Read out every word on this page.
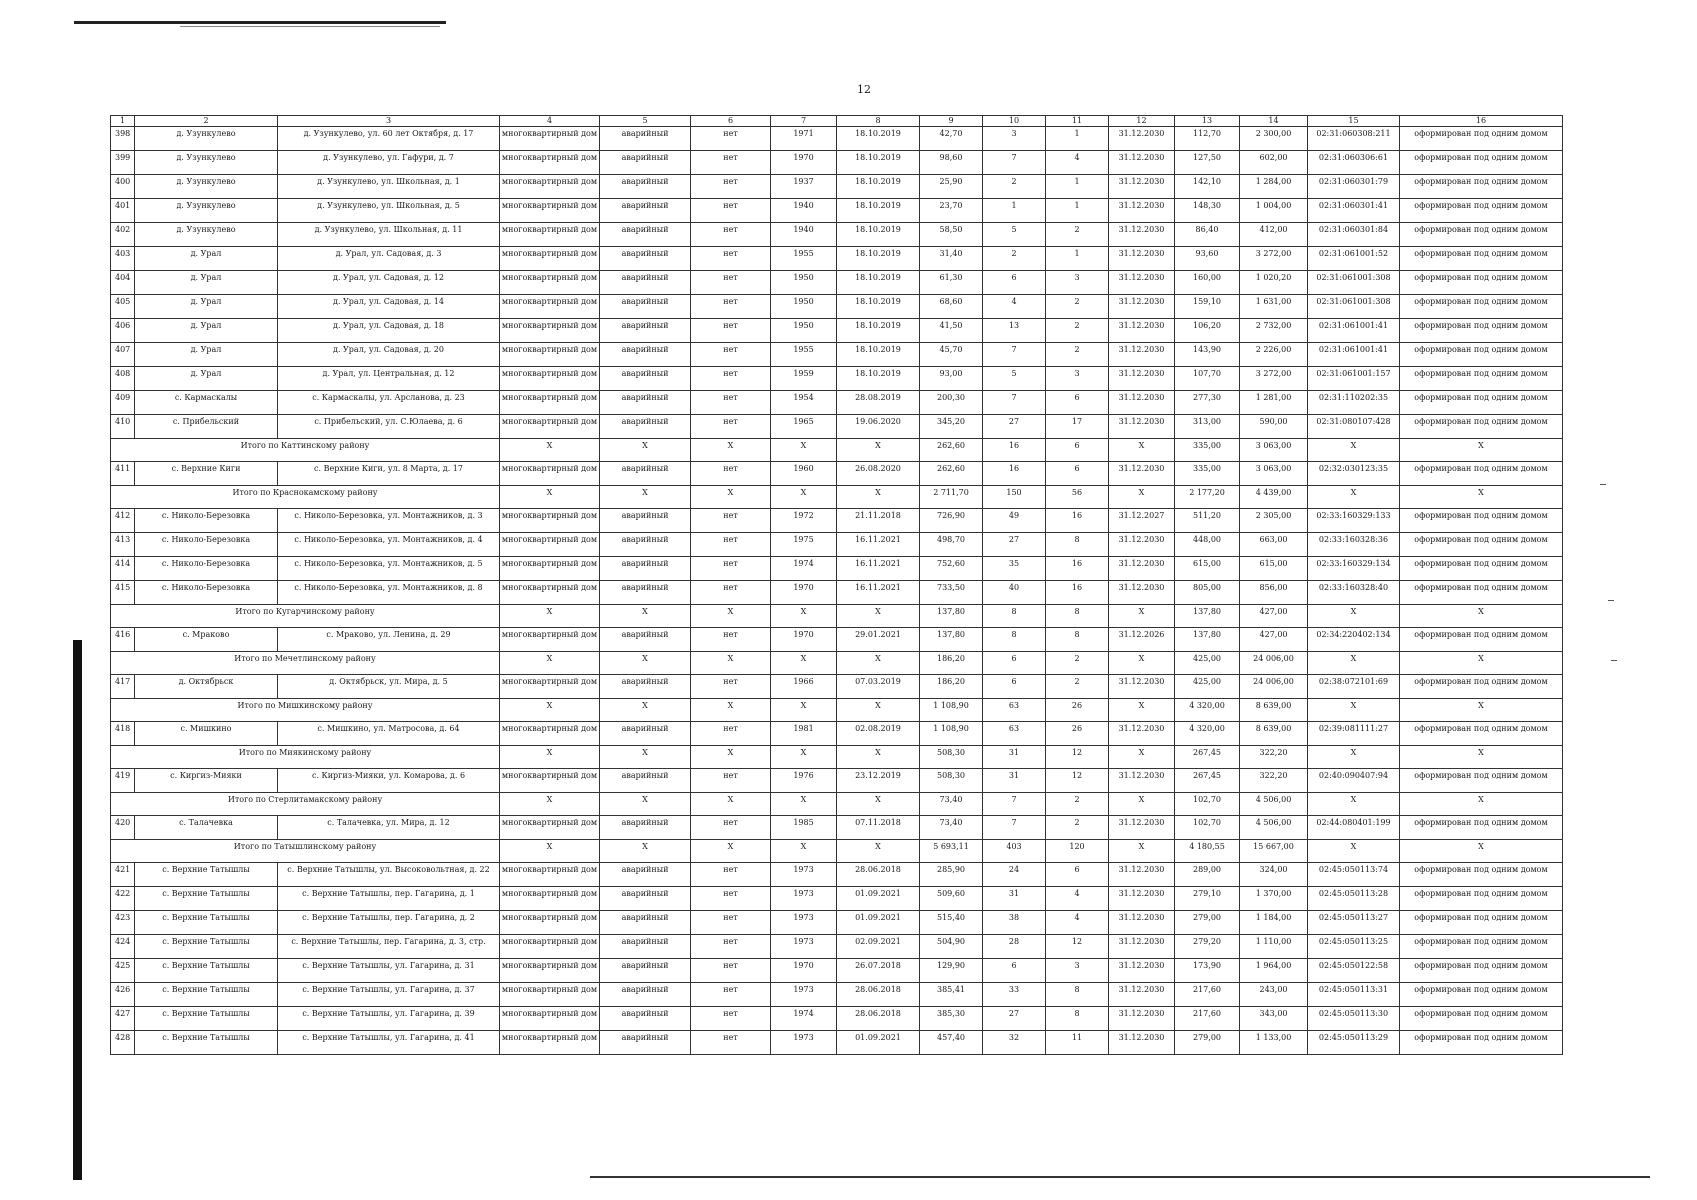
12
1	2	3	4	5	6	7	8	9	10	11	12	13	14	15	16
398	д. Узункулево	д. Узункулево, ул. 60 лет Октября, д. 17	многоквартирный дом	аварийный	нет	1971	18.10.2019	42,70	3	1	31.12.2030	112,70	2 300,00	02:31:060308:211	оформирован под одним домом
399	д. Узункулево	д. Узункулево, ул. Гафури, д. 7	многоквартирный дом	аварийный	нет	1970	18.10.2019	98,60	7	4	31.12.2030	127,50	602,00	02:31:060306:61	оформирован под одним домом
400	д. Узункулево	д. Узункулево, ул. Школьная, д. 1	многоквартирный дом	аварийный	нет	1937	18.10.2019	25,90	2	1	31.12.2030	142,10	1 284,00	02:31:060301:79	оформирован под одним домом
401	д. Узункулево	д. Узункулево, ул. Школьная, д. 5	многоквартирный дом	аварийный	нет	1940	18.10.2019	23,70	1	1	31.12.2030	148,30	1 004,00	02:31:060301:41	оформирован под одним домом
402	д. Узункулево	д. Узункулево, ул. Школьная, д. 11	многоквартирный дом	аварийный	нет	1940	18.10.2019	58,50	5	2	31.12.2030	86,40	412,00	02:31:060301:84	оформирован под одним домом
403	д. Урал	д. Урал, ул. Садовая, д. 3	многоквартирный дом	аварийный	нет	1955	18.10.2019	31,40	2	1	31.12.2030	93,60	3 272,00	02:31:061001:52	оформирован под одним домом
404	д. Урал	д. Урал, ул. Садовая, д. 12	многоквартирный дом	аварийный	нет	1950	18.10.2019	61,30	6	3	31.12.2030	160,00	1 020,20	02:31:061001:308	оформирован под одним домом
405	д. Урал	д. Урал, ул. Садовая, д. 14	многоквартирный дом	аварийный	нет	1950	18.10.2019	68,60	4	2	31.12.2030	159,10	1 631,00	02:31:061001:308	оформирован под одним домом
406	д. Урал	д. Урал, ул. Садовая, д. 18	многоквартирный дом	аварийный	нет	1950	18.10.2019	41,50	13	2	31.12.2030	106,20	2 732,00	02:31:061001:41	оформирован под одним домом
407	д. Урал	д. Урал, ул. Садовая, д. 20	многоквартирный дом	аварийный	нет	1955	18.10.2019	45,70	7	2	31.12.2030	143,90	2 226,00	02:31:061001:41	оформирован под одним домом
408	д. Урал	д. Урал, ул. Центральная, д. 12	многоквартирный дом	аварийный	нет	1959	18.10.2019	93,00	5	3	31.12.2030	107,70	3 272,00	02:31:061001:157	оформирован под одним домом
409	с. Кармаскалы	с. Кармаскалы, ул. Арсланова, д. 23	многоквартирный дом	аварийный	нет	1954	28.08.2019	200,30	7	6	31.12.2030	277,30	1 281,00	02:31:110202:35	оформирован под одним домом
410	с. Прибельский	с. Прибельский, ул. С.Юлаева, д. 6	многоквартирный дом	аварийный	нет	1965	19.06.2020	345,20	27	17	31.12.2030	313,00	590,00	02:31:080107:428	оформирован под одним домом
Итого по Каттинскому району			Х	Х	Х	Х	Х	262,60	16	6	Х	335,00	3 063,00	Х	Х
411	с. Верхние Киги	с. Верхние Киги, ул. 8 Марта, д. 17	многоквартирный дом	аварийный	нет	1960	26.08.2020	262,60	16	6	31.12.2030	335,00	3 063,00	02:32:030123:35	оформирован под одним домом
Итого по Краснокамскому району			Х	Х	Х	Х	Х	2 711,70	150	56	Х	2 177,20	4 439,00	Х	Х
412	с. Николо-Березовка	с. Николо-Березовка, ул. Монтажников, д. 3	многоквартирный дом	аварийный	нет	1972	21.11.2018	726,90	49	16	31.12.2027	511,20	2 305,00	02:33:160329:133	оформирован под одним домом
413	с. Николо-Березовка	с. Николо-Березовка, ул. Монтажников, д. 4	многоквартирный дом	аварийный	нет	1975	16.11.2021	498,70	27	8	31.12.2030	448,00	663,00	02:33:160328:36	оформирован под одним домом
414	с. Николо-Березовка	с. Николо-Березовка, ул. Монтажников, д. 5	многоквартирный дом	аварийный	нет	1974	16.11.2021	752,60	35	16	31.12.2030	615,00	615,00	02:33:160329:134	оформирован под одним домом
415	с. Николо-Березовка	с. Николо-Березовка, ул. Монтажников, д. 8	многоквартирный дом	аварийный	нет	1970	16.11.2021	733,50	40	16	31.12.2030	805,00	856,00	02:33:160328:40	оформирован под одним домом
Итого по Кугарчинскому району			Х	Х	Х	Х	Х	137,80	8	8	Х	137,80	427,00	Х	Х
416	с. Мраково	с. Мраково, ул. Ленина, д. 29	многоквартирный дом	аварийный	нет	1970	29.01.2021	137,80	8	8	31.12.2026	137,80	427,00	02:34:220402:134	оформирован под одним домом
Итого по Мечетлинскому району			Х	Х	Х	Х	Х	186,20	6	2	Х	425,00	24 006,00	Х	Х
417	д. Октябрьск	д. Октябрьск, ул. Мира, д. 5	многоквартирный дом	аварийный	нет	1966	07.03.2019	186,20	6	2	31.12.2030	425,00	24 006,00	02:38:072101:69	оформирован под одним домом
Итого по Мишкинскому району			Х	Х	Х	Х	Х	1 108,90	63	26	Х	4 320,00	8 639,00	Х	Х
418	с. Мишкино	с. Мишкино, ул. Матросова, д. 64	многоквартирный дом	аварийный	нет	1981	02.08.2019	1 108,90	63	26	31.12.2030	4 320,00	8 639,00	02:39:081111:27	оформирован под одним домом
Итого по Миякинскому району			Х	Х	Х	Х	Х	508,30	31	12	Х	267,45	322,20	Х	Х
419	с. Киргиз-Мияки	с. Киргиз-Мияки, ул. Комарова, д. 6	многоквартирный дом	аварийный	нет	1976	23.12.2019	508,30	31	12	31.12.2030	267,45	322,20	02:40:090407:94	оформирован под одним домом
Итого по Стерлитамакскому району			Х	Х	Х	Х	Х	73,40	7	2	Х	102,70	4 506,00	Х	Х
420	с. Талачевка	с. Талачевка, ул. Мира, д. 12	многоквартирный дом	аварийный	нет	1985	07.11.2018	73,40	7	2	31.12.2030	102,70	4 506,00	02:44:080401:199	оформирован под одним домом
Итого по Татышлинскому району			Х	Х	Х	Х	Х	5 693,11	403	120	Х	4 180,55	15 667,00	Х	Х
421	с. Верхние Татышлы	с. Верхние Татышлы, ул. Высоковольтная, д. 22	многоквартирный дом	аварийный	нет	1973	28.06.2018	285,90	24	6	31.12.2030	289,00	324,00	02:45:050113:74	оформирован под одним домом
422	с. Верхние Татышлы	с. Верхние Татышлы, пер. Гагарина, д. 1	многоквартирный дом	аварийный	нет	1973	01.09.2021	509,60	31	4	31.12.2030	279,10	1 370,00	02:45:050113:28	оформирован под одним домом
423	с. Верхние Татышлы	с. Верхние Татышлы, пер. Гагарина, д. 2	многоквартирный дом	аварийный	нет	1973	01.09.2021	515,40	38	4	31.12.2030	279,00	1 184,00	02:45:050113:27	оформирован под одним домом
424	с. Верхние Татышлы	с. Верхние Татышлы, пер. Гагарина, д. 3, стр.	многоквартирный дом	аварийный	нет	1973	02.09.2021	504,90	28	12	31.12.2030	279,20	1 110,00	02:45:050113:25	оформирован под одним домом
425	с. Верхние Татышлы	с. Верхние Татышлы, ул. Гагарина, д. 31	многоквартирный дом	аварийный	нет	1970	26.07.2018	129,90	6	3	31.12.2030	173,90	1 964,00	02:45:050122:58	оформирован под одним домом
426	с. Верхние Татышлы	с. Верхние Татышлы, ул. Гагарина, д. 37	многоквартирный дом	аварийный	нет	1973	28.06.2018	385,41	33	8	31.12.2030	217,60	243,00	02:45:050113:31	оформирован под одним домом
427	с. Верхние Татышлы	с. Верхние Татышлы, ул. Гагарина, д. 39	многоквартирный дом	аварийный	нет	1974	28.06.2018	385,30	27	8	31.12.2030	217,60	343,00	02:45:050113:30	оформирован под одним домом
428	с. Верхние Татышлы	с. Верхние Татышлы, ул. Гагарина, д. 41	многоквартирный дом	аварийный	нет	1973	01.09.2021	457,40	32	11	31.12.2030	279,00	1 133,00	02:45:050113:29	оформирован под одним домом
